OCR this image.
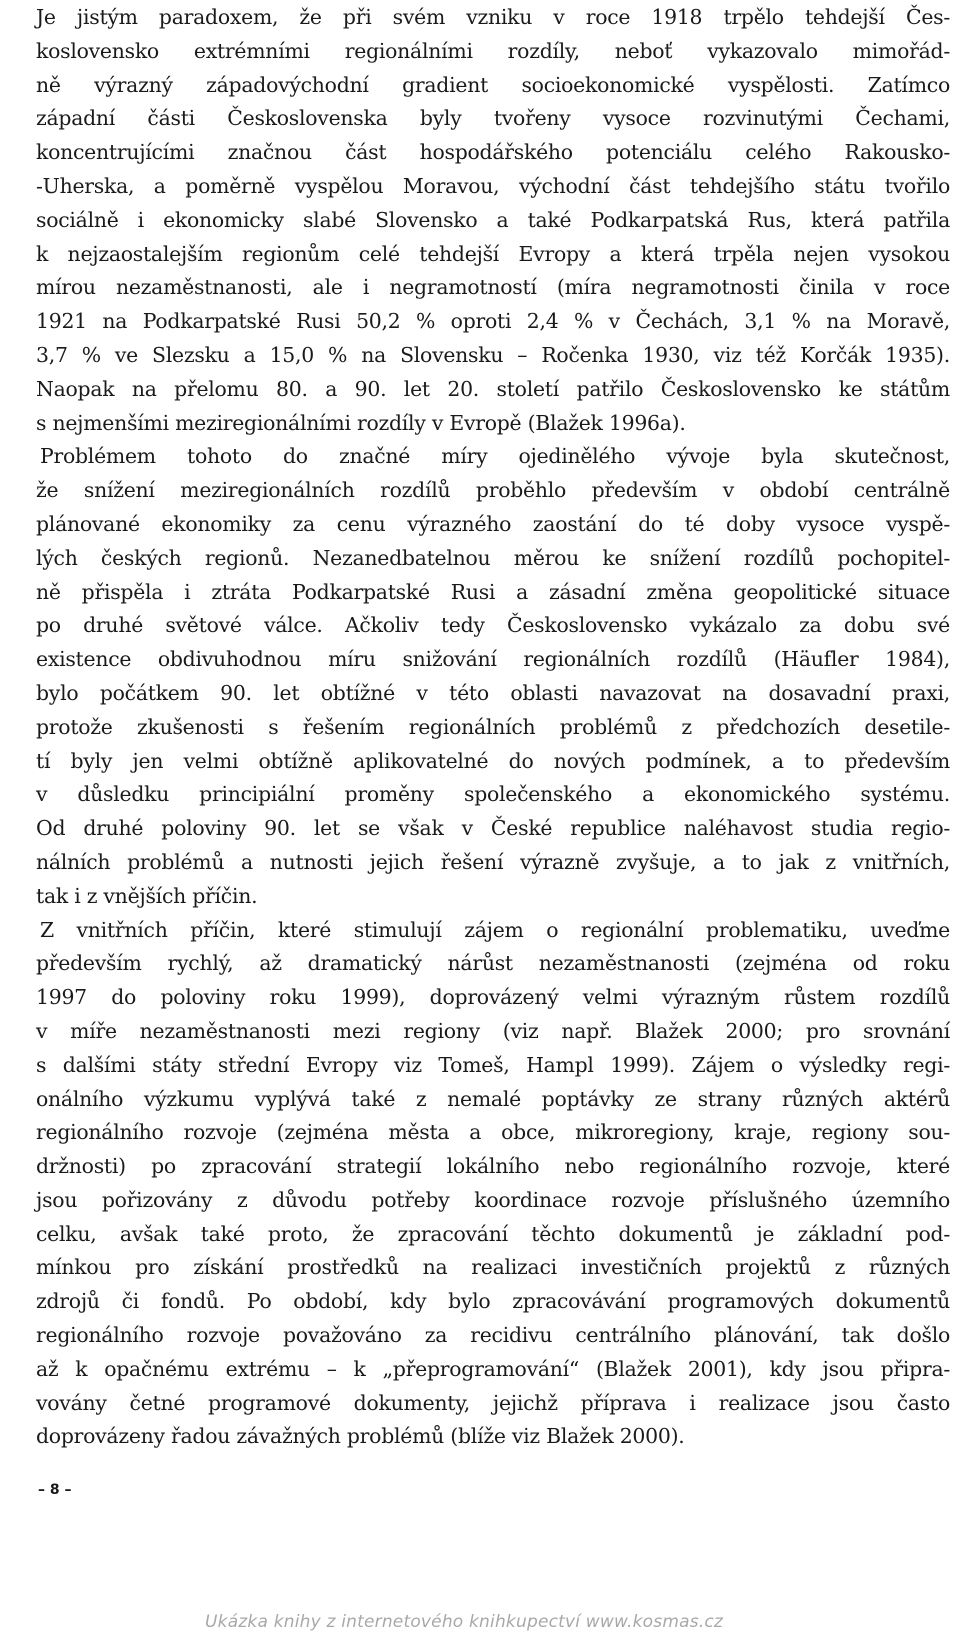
Je jistým paradoxem, že při svém vzniku v roce 1918 trpělo tehdejší Čes-
koslovensko extrémními regionálními rozdíly, neboť vykazovalo mimořád-
ně výrazný západovýchodní gradient socioekonomické vyspělosti. Zatímco
západní části Československa byly tvořeny vysoce rozvinutými Čechami,
koncentrujícími značnou část hospodářského potenciálu celého Rakousko-
-Uherska, a poměrně vyspělou Moravou, východní část tehdejšího státu tvořilo
sociálně i ekonomicky slabé Slovensko a také Podkarpatská Rus, která patřila
k nejzaostalejším regionům celé tehdejší Evropy a která trpěla nejen vysokou
mírou nezaměstnanosti, ale i negramotností (míra negramotnosti činila v roce
1921 na Podkarpatské Rusi 50,2 % oproti 2,4 % v Čechách, 3,1 % na Moravě,
3,7 % ve Slezsku a 15,0 % na Slovensku – Ročenka 1930, viz též Korčák 1935).
Naopak na přelomu 80. a 90. let 20. století patřilo Československo ke státům
s nejmenšími meziregionálními rozdíly v Evropě (Blažek 1996a).
Problémem tohoto do značné míry ojedinělého vývoje byla skutečnost,
že snížení meziregionálních rozdílů proběhlo především v období centrálně
plánované ekonomiky za cenu výrazného zaostání do té doby vysoce vyspě-
lých českých regionů. Nezanedbatelnou měrou ke snížení rozdílů pochopitel-
ně přispěla i ztráta Podkarpatské Rusi a zásadní změna geopolitické situace
po druhé světové válce. Ačkoliv tedy Československo vykázalo za dobu své
existence obdivuhodnou míru snižování regionálních rozdílů (Häufler 1984),
bylo počátkem 90. let obtížné v této oblasti navazovat na dosavadní praxi,
protože zkušenosti s řešením regionálních problémů z předchozích desetile-
tí byly jen velmi obtížně aplikovatelné do nových podmínek, a to především
v důsledku principiální proměny společenského a ekonomického systému.
Od druhé poloviny 90. let se však v České republice naléhavost studia regio-
nálních problémů a nutnosti jejich řešení výrazně zvyšuje, a to jak z vnitřních,
tak i z vnějších příčin.
Z vnitřních příčin, které stimulují zájem o regionální problematiku, uveďme
především rychlý, až dramatický nárůst nezaměstnanosti (zejména od roku
1997 do poloviny roku 1999), doprovázený velmi výrazným růstem rozdílů
v míře nezaměstnanosti mezi regiony (viz např. Blažek 2000; pro srovnání
s dalšími státy střední Evropy viz Tomeš, Hampl 1999). Zájem o výsledky regi-
onálního výzkumu vyplývá také z nemalé poptávky ze strany různých aktérů
regionálního rozvoje (zejména města a obce, mikroregiony, kraje, regiony sou-
držnosti) po zpracování strategií lokálního nebo regionálního rozvoje, které
jsou pořizovány z důvodu potřeby koordinace rozvoje příslušného územního
celku, avšak také proto, že zpracování těchto dokumentů je základní pod-
mínkou pro získání prostředků na realizaci investičních projektů z různých
zdrojů či fondů. Po období, kdy bylo zpracovávání programových dokumentů
regionálního rozvoje považováno za recidivu centrálního plánování, tak došlo
až k opačnému extrému – k „přeprogramování“ (Blažek 2001), kdy jsou připra-
vovány četné programové dokumenty, jejichž příprava i realizace jsou často
doprovázeny řadou závažných problémů (blíže viz Blažek 2000).
– 8 –
Ukázka knihy z internetového knihkupectví www.kosmas.cz
